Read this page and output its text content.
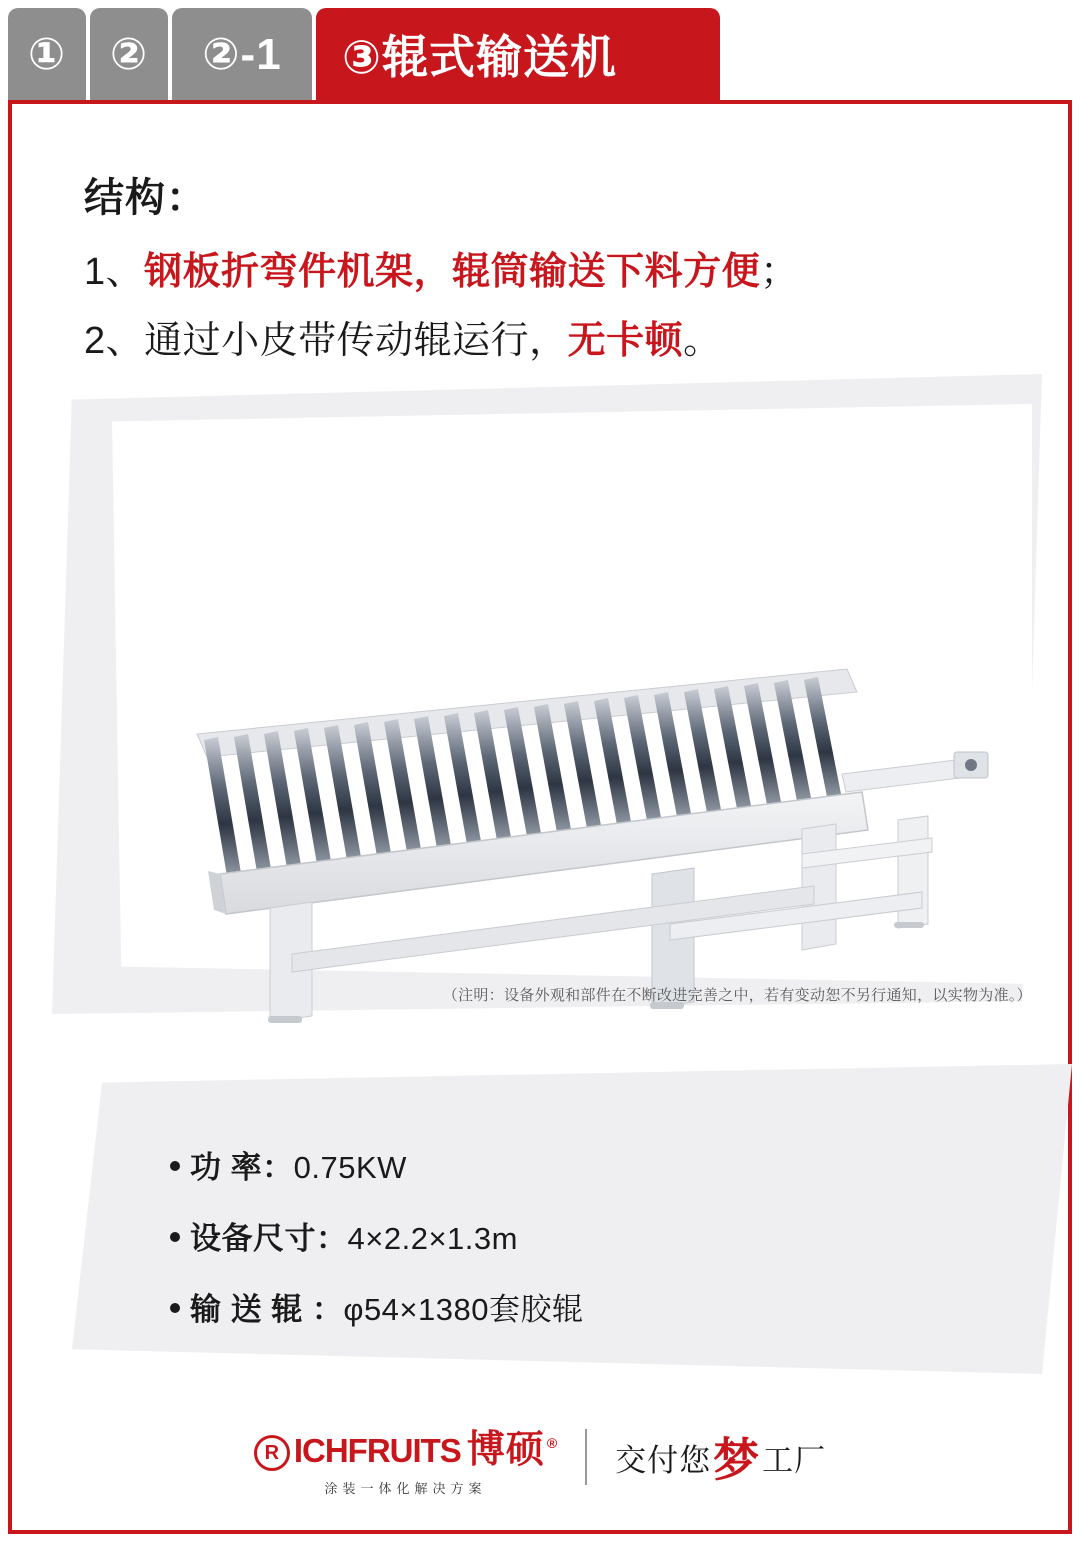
① ②	②-1	③辊式输送机
结构：
1、钢板折弯件机架，辊筒输送下料方便；
2、通过小皮带传动辊运行，无卡顿。
（注明：设备外观和部件在不断改进完善之中，若有变动恕不另行通知，以实物为准。）
功 率：0.75KW
设备尺寸：4×2.2×1.3m
输 送 辊 ：φ54×1380套胶辊
R ICHFRUITS 博硕 ®
涂装一体化解决方案
交付您 梦 工厂
